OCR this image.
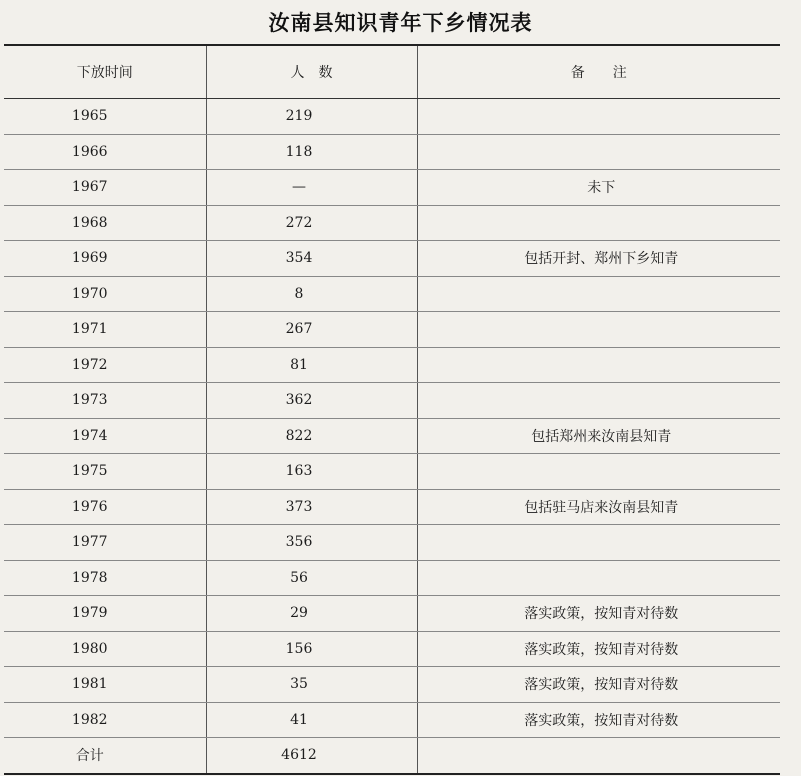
汝南县知识青年下乡情况表
下放时间	人　数	备　　注
1965	219	
1966	118	
1967	—	未下
1968	272	
1969	354	包括开封、郑州下乡知青
1970	8	
1971	267	
1972	81	
1973	362	
1974	822	包括郑州来汝南县知青
1975	163	
1976	373	包括驻马店来汝南县知青
1977	356	
1978	56	
1979	29	落实政策，按知青对待数
1980	156	落实政策，按知青对待数
1981	35	落实政策，按知青对待数
1982	41	落实政策，按知青对待数
合计	4612	
